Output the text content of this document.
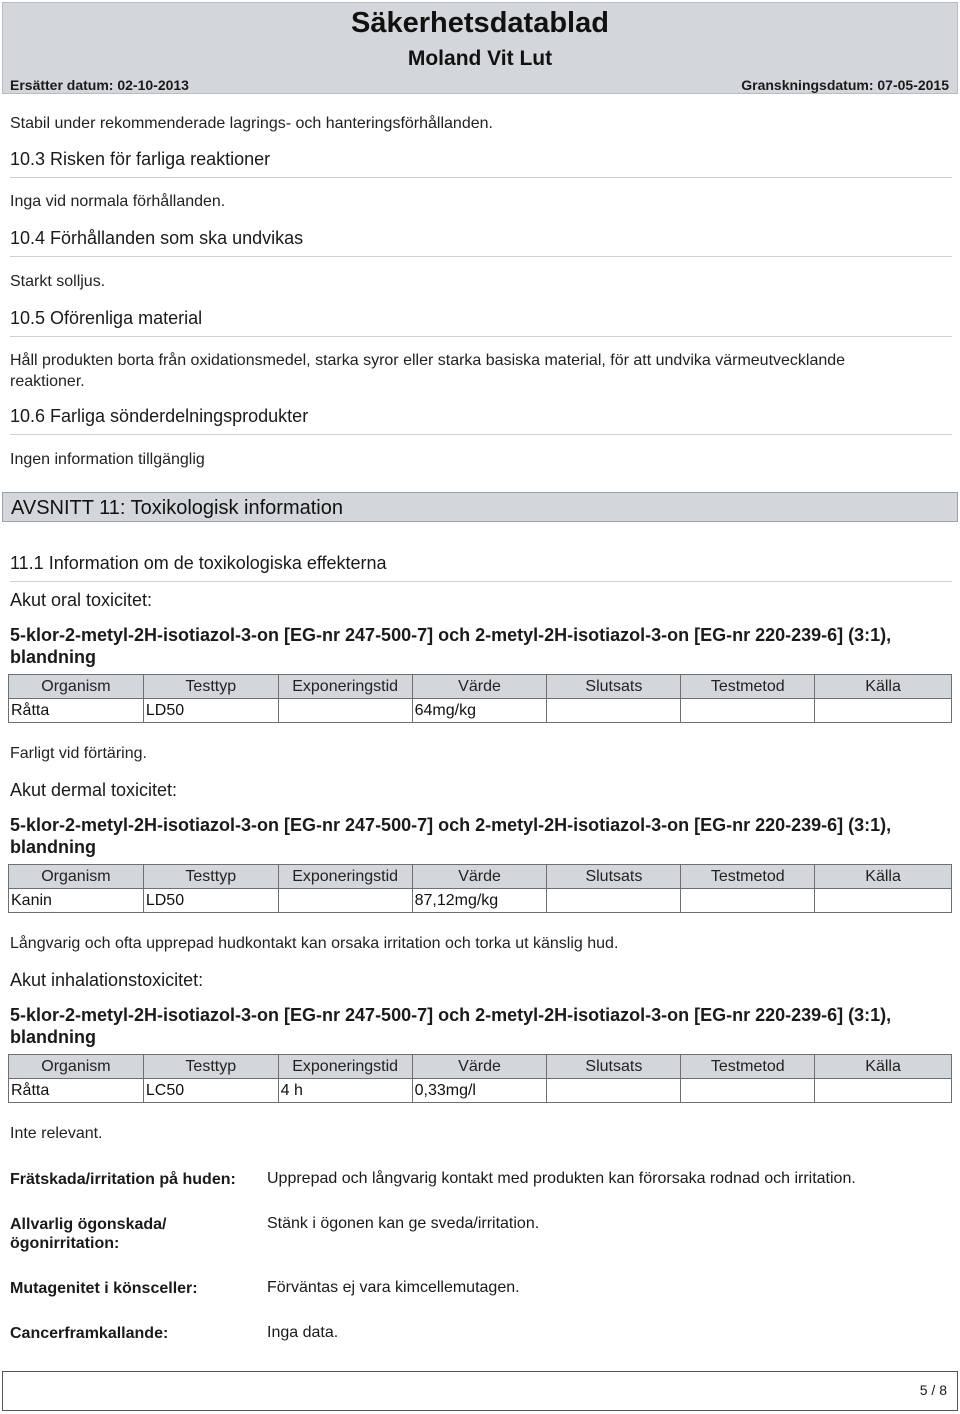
Säkerhetsdatablad
Moland Vit Lut
Ersätter datum: 02-10-2013	Granskningsdatum: 07-05-2015
Stabil under rekommenderade lagrings- och hanteringsförhållanden.
10.3 Risken för farliga reaktioner
Inga vid normala förhållanden.
10.4 Förhållanden som ska undvikas
Starkt solljus.
10.5 Oförenliga material
Håll produkten borta från oxidationsmedel, starka syror eller starka basiska material, för att undvika värmeutvecklande
reaktioner.
10.6 Farliga sönderdelningsprodukter
Ingen information tillgänglig
AVSNITT 11: Toxikologisk information
11.1 Information om de toxikologiska effekterna
Akut oral toxicitet:
5-klor-2-metyl-2H-isotiazol-3-on [EG-nr 247-500-7] och 2-metyl-2H-isotiazol-3-on [EG-nr 220-239-6] (3:1), blandning
Organism	Testtyp	Exponeringstid	Värde	Slutsats	Testmetod	Källa
Råtta	LD50		64mg/kg			
Farligt vid förtäring.
Akut dermal toxicitet:
5-klor-2-metyl-2H-isotiazol-3-on [EG-nr 247-500-7] och 2-metyl-2H-isotiazol-3-on [EG-nr 220-239-6] (3:1), blandning
Organism	Testtyp	Exponeringstid	Värde	Slutsats	Testmetod	Källa
Kanin	LD50		87,12mg/kg			
Långvarig och ofta upprepad hudkontakt kan orsaka irritation och torka ut känslig hud.
Akut inhalationstoxicitet:
5-klor-2-metyl-2H-isotiazol-3-on [EG-nr 247-500-7] och 2-metyl-2H-isotiazol-3-on [EG-nr 220-239-6] (3:1), blandning
Organism	Testtyp	Exponeringstid	Värde	Slutsats	Testmetod	Källa
Råtta	LC50	4 h	0,33mg/l			
Inte relevant.
Frätskada/irritation på huden:	Upprepad och långvarig kontakt med produkten kan förorsaka rodnad och irritation.
Allvarlig ögonskada/ögonirritation:
Stänk i ögonen kan ge sveda/irritation.
Mutagenitet i könsceller:	Förväntas ej vara kimcellemutagen.
Cancerframkallande:	Inga data.
5 / 8
